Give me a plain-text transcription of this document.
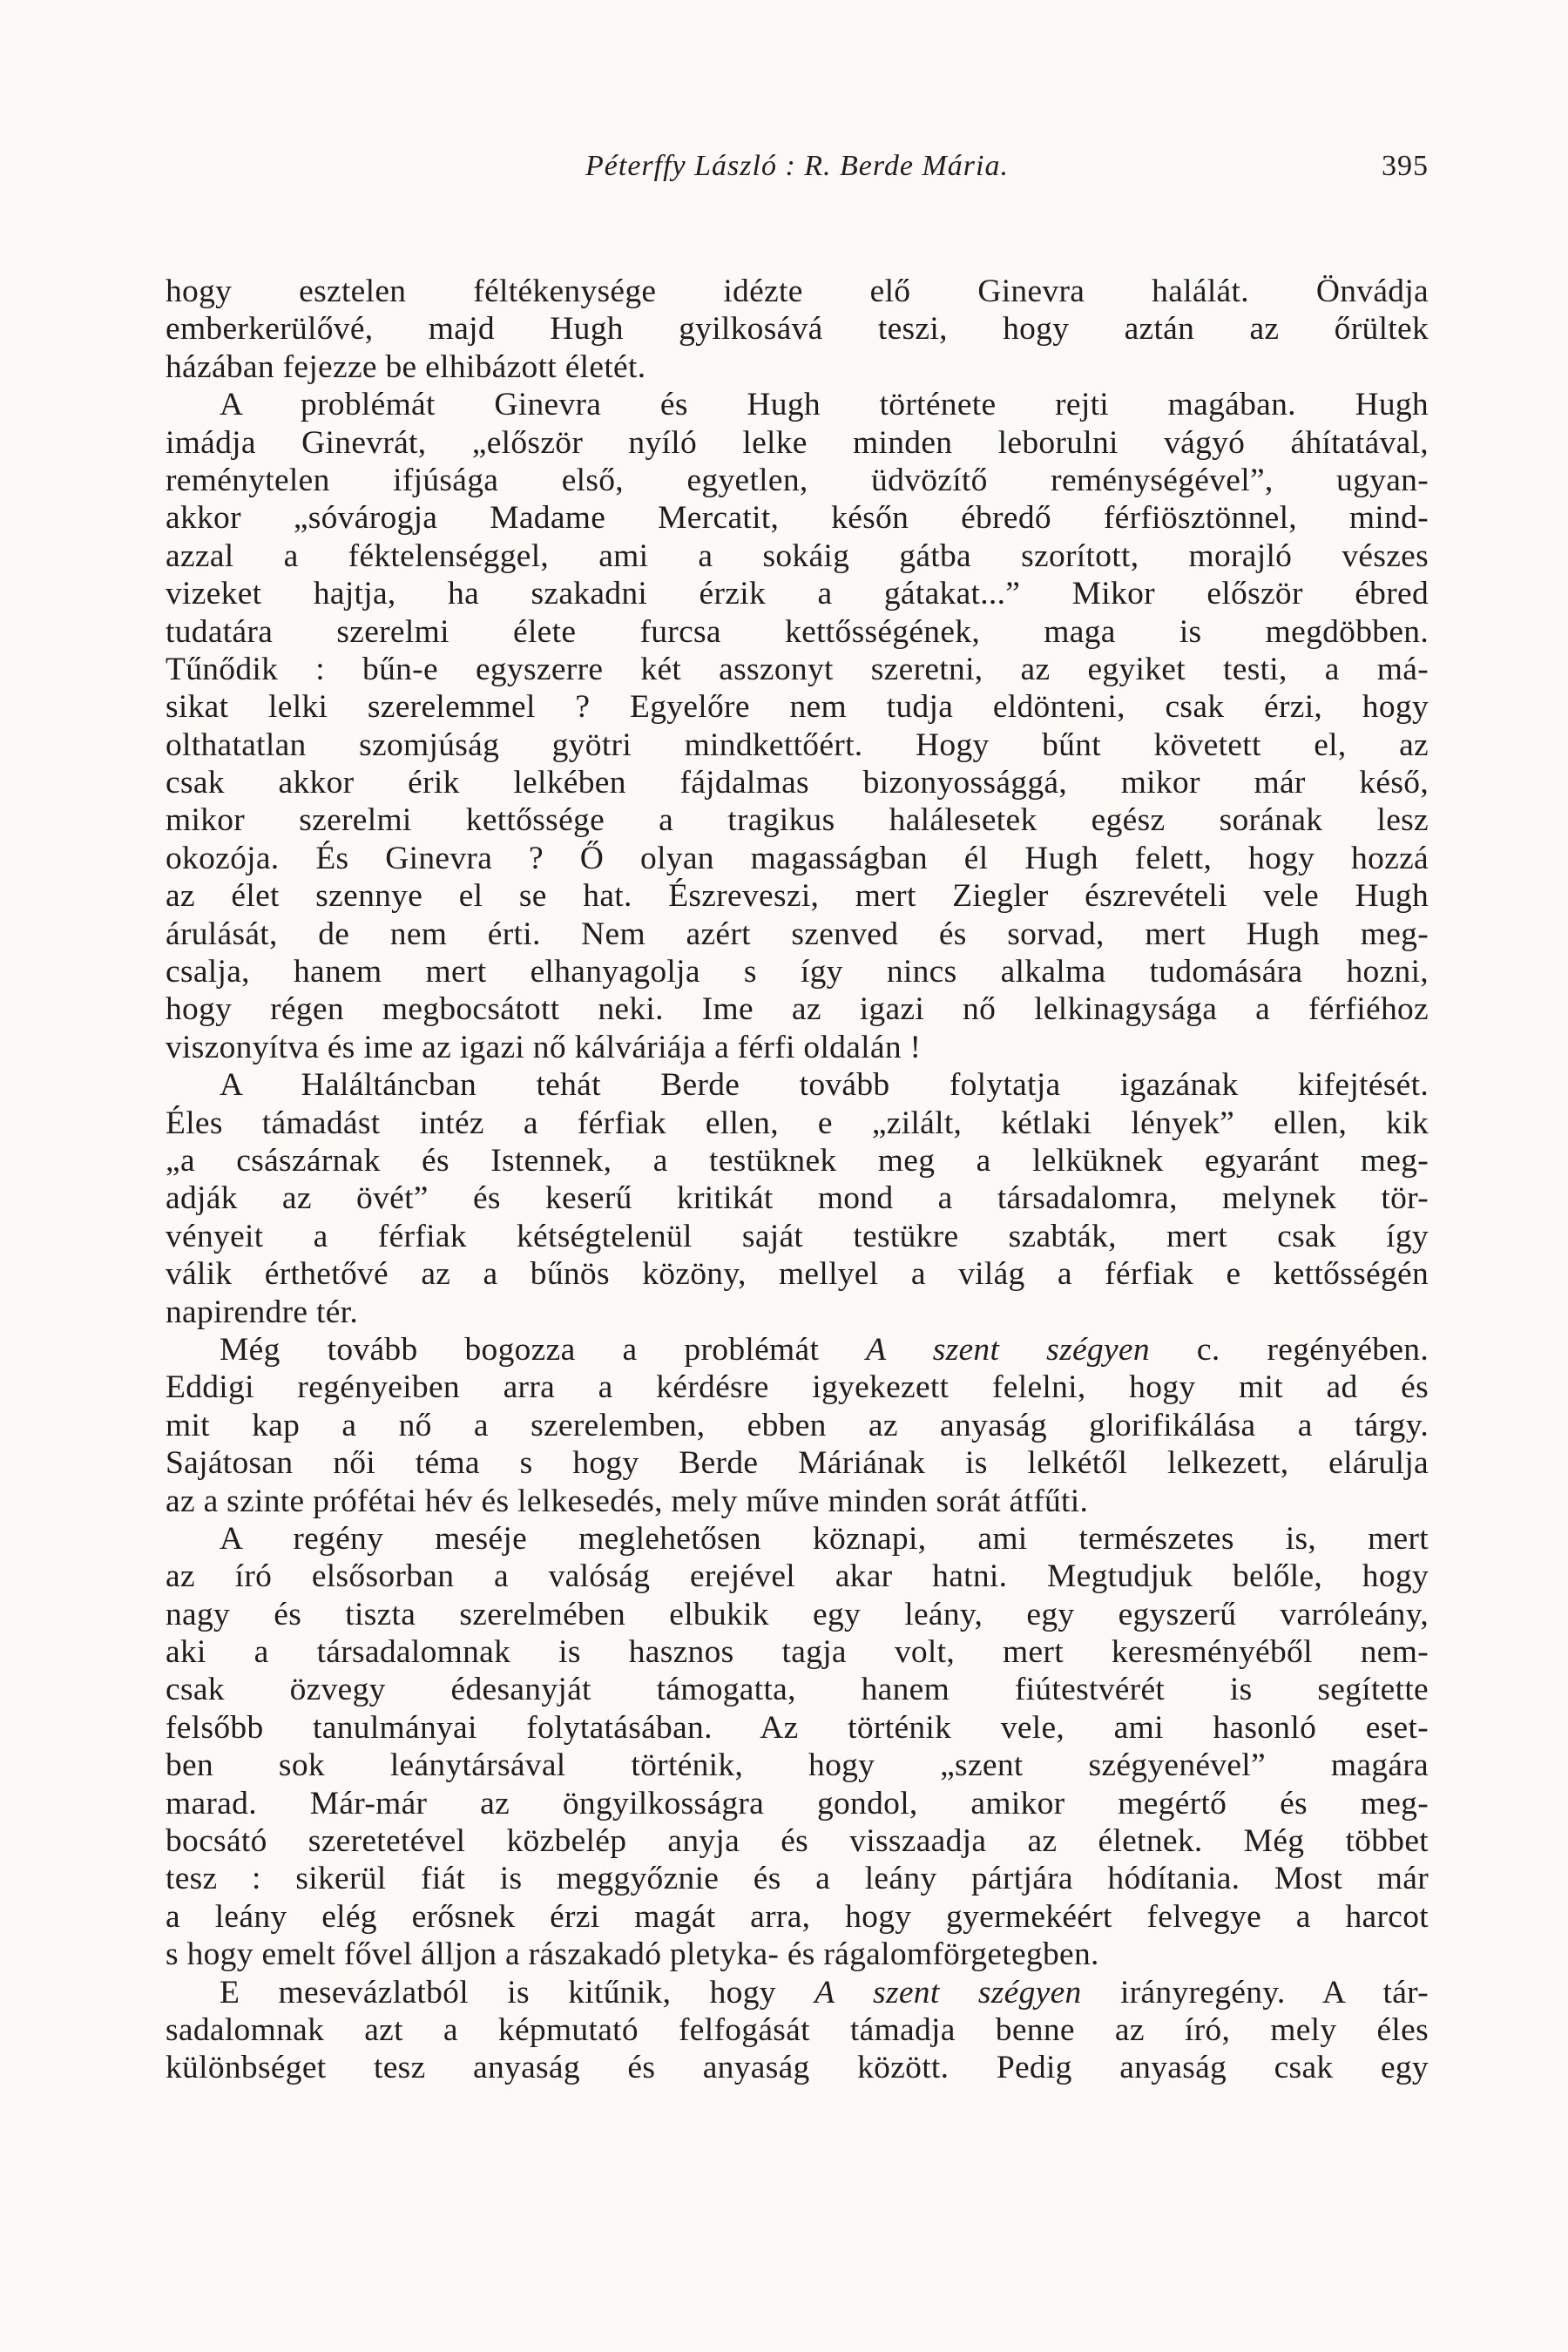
Péterffy László : R. Berde Mária.	395
hogy esztelen féltékenysége idézte elő Ginevra halálát. Önvádja
emberkerülővé, majd Hugh gyilkosává teszi, hogy aztán az őrültek
házában fejezze be elhibázott életét.
A problémát Ginevra és Hugh története rejti magában. Hugh
imádja Ginevrát, „először nyíló lelke minden leborulni vágyó áhítatával,
reménytelen ifjúsága első, egyetlen, üdvözítő reménységével”, ugyan-
akkor „sóvárogja Madame Mercatit, későn ébredő férfiösztönnel, mind-
azzal a féktelenséggel, ami a sokáig gátba szorított, morajló vészes
vizeket hajtja, ha szakadni érzik a gátakat...” Mikor először ébred
tudatára szerelmi élete furcsa kettősségének, maga is megdöbben.
Tűnődik : bűn-e egyszerre két asszonyt szeretni, az egyiket testi, a má-
sikat lelki szerelemmel ? Egyelőre nem tudja eldönteni, csak érzi, hogy
olthatatlan szomjúság gyötri mindkettőért. Hogy bűnt követett el, az
csak akkor érik lelkében fájdalmas bizonyossággá, mikor már késő,
mikor szerelmi kettőssége a tragikus halálesetek egész sorának lesz
okozója. És Ginevra ? Ő olyan magasságban él Hugh felett, hogy hozzá
az élet szennye el se hat. Észreveszi, mert Ziegler észrevételi vele Hugh
árulását, de nem érti. Nem azért szenved és sorvad, mert Hugh meg-
csalja, hanem mert elhanyagolja s így nincs alkalma tudomására hozni,
hogy régen megbocsátott neki. Ime az igazi nő lelkinagysága a férfiéhoz
viszonyítva és ime az igazi nő kálváriája a férfi oldalán !
A Haláltáncban tehát Berde tovább folytatja igazának kifejtését.
Éles támadást intéz a férfiak ellen, e „zilált, kétlaki lények” ellen, kik
„a császárnak és Istennek, a testüknek meg a lelküknek egyaránt meg-
adják az övét” és keserű kritikát mond a társadalomra, melynek tör-
vényeit a férfiak kétségtelenül saját testükre szabták, mert csak így
válik érthetővé az a bűnös közöny, mellyel a világ a férfiak e kettősségén
napirendre tér.
Még tovább bogozza a problémát A szent szégyen c. regényében.
Eddigi regényeiben arra a kérdésre igyekezett felelni, hogy mit ad és
mit kap a nő a szerelemben, ebben az anyaság glorifikálása a tárgy.
Sajátosan női téma s hogy Berde Máriának is lelkétől lelkezett, elárulja
az a szinte prófétai hév és lelkesedés, mely műve minden sorát átfűti.
A regény meséje meglehetősen köznapi, ami természetes is, mert
az író elsősorban a valóság erejével akar hatni. Megtudjuk belőle, hogy
nagy és tiszta szerelmében elbukik egy leány, egy egyszerű varróleány,
aki a társadalomnak is hasznos tagja volt, mert keresményéből nem-
csak özvegy édesanyját támogatta, hanem fiútestvérét is segítette
felsőbb tanulmányai folytatásában. Az történik vele, ami hasonló eset-
ben sok leánytársával történik, hogy „szent szégyenével” magára
marad. Már-már az öngyilkosságra gondol, amikor megértő és meg-
bocsátó szeretetével közbelép anyja és visszaadja az életnek. Még többet
tesz : sikerül fiát is meggyőznie és a leány pártjára hódítania. Most már
a leány elég erősnek érzi magát arra, hogy gyermekéért felvegye a harcot
s hogy emelt fővel álljon a rászakadó pletyka- és rágalomförgetegben.
E mesevázlatból is kitűnik, hogy A szent szégyen irányregény. A tár-
sadalomnak azt a képmutató felfogását támadja benne az író, mely éles
különbséget tesz anyaság és anyaság között. Pedig anyaság csak egy
